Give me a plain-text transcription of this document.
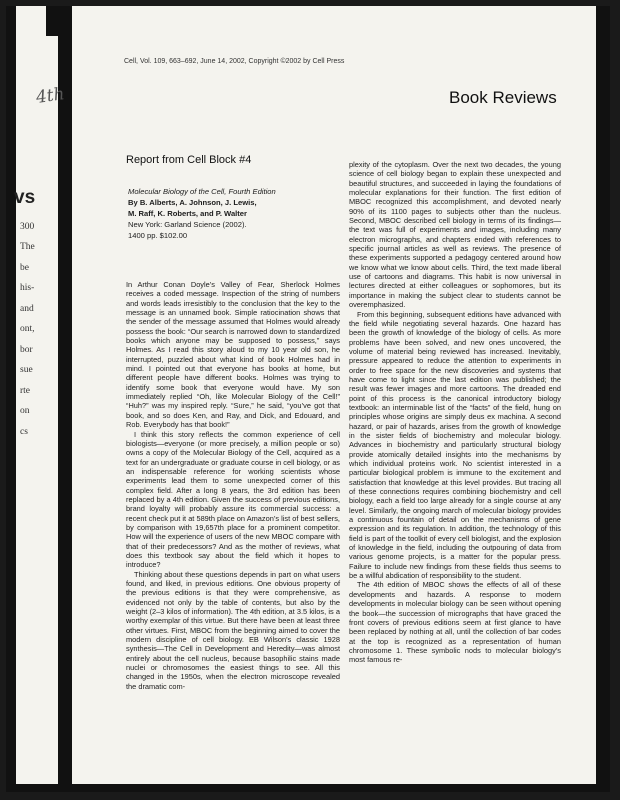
vs
300
The
be
his-
and
ont,
bor
sue
rte
on
cs
4th
Cell, Vol. 109, 663–692, June 14, 2002, Copyright ©2002 by Cell Press
Book Reviews
Report from Cell Block #4
Molecular Biology of the Cell, Fourth Edition
By B. Alberts, A. Johnson, J. Lewis,
M. Raff, K. Roberts, and P. Walter
New York: Garland Science (2002).
1400 pp. $102.00

In Arthur Conan Doyle’s Valley of Fear, Sherlock Holmes receives a coded message. Inspection of the string of numbers and words leads irresistibly to the conclusion that the key to the message is an unnamed book. Simple ratiocination shows that the sender of the message assumed that Holmes would already possess the book: “Our search is narrowed down to standardized books which anyone may be supposed to possess,” says Holmes. As I read this story aloud to my 10 year old son, he interrupted, puzzled about what kind of book Holmes had in mind. I pointed out that everyone has books at home, but different people have different books. Holmes was trying to identify some book that everyone would have. My son immediately replied “Oh, like Molecular Biology of the Cell!” “Huh?” was my inspired reply. “Sure,” he said, “you’ve got that book, and so does Ken, and Ray, and Dick, and Edouard, and Rob. Everybody has that book!”

I think this story reflects the common experience of cell biologists—everyone (or more precisely, a million people or so) owns a copy of the Molecular Biology of the Cell, acquired as a text for an undergraduate or graduate course in cell biology, or as an indispensable reference for working scientists whose experiments lead them to some unexpected corner of this complex field. After a long 8 years, the 3rd edition has been replaced by a 4th edition. Given the success of previous editions, brand loyalty will probably assure its commercial success: a recent check put it at 589th place on Amazon’s list of best sellers, by comparison with 19,657th place for a prominent competitor. How will the experience of users of the new MBOC compare with that of their predecessors? And as the mother of reviews, what does this textbook say about the field which it hopes to introduce?

Thinking about these questions depends in part on what users found, and liked, in previous editions. One obvious property of the previous editions is that they were comprehensive, as evidenced not only by the table of contents, but also by the weight (2–3 kilos of information). The 4th edition, at 3.5 kilos, is a worthy exemplar of this virtue. But there have been at least three other virtues. First, MBOC from the beginning aimed to cover the modern discipline of cell biology. EB Wilson’s classic 1928 synthesis—The Cell in Development and Heredity—was almost entirely about the cell nucleus, because basophilic stains made nuclei or chromosomes the easiest things to see. All this changed in the 1950s, when the electron microscope revealed the dramatic com-

plexity of the cytoplasm. Over the next two decades, the young science of cell biology began to explain these unexpected and beautiful structures, and succeeded in laying the foundations of molecular explanations for their function. The first edition of MBOC recognized this accomplishment, and devoted nearly 90% of its 1100 pages to subjects other than the nucleus. Second, MBOC described cell biology in terms of its findings—the text was full of experiments and images, including many electron micrographs, and chapters ended with references to specific journal articles as well as reviews. The presence of these experiments supported a pedagogy centered around how we know what we know about cells. Third, the text made liberal use of cartoons and diagrams. This habit is now universal in lectures directed at either colleagues or sophomores, but its importance in making the subject clear to students cannot be overemphasized.

From this beginning, subsequent editions have advanced with the field while negotiating several hazards. One hazard has been the growth of knowledge of the biology of cells. As more problems have been solved, and new ones uncovered, the volume of material being reviewed has increased. Inevitably, pressure appeared to reduce the attention to experiments in order to free space for the new discoveries and systems that have come to light since the last edition was published; the result was fewer images and more cartoons. The dreaded end point of this process is the canonical introductory biology textbook: an interminable list of the “facts” of the field, hung on principles whose origins are simply deus ex machina. A second hazard, or pair of hazards, arises from the growth of knowledge in the sister fields of biochemistry and molecular biology. Advances in biochemistry and particularly structural biology provide atomically detailed insights into the mechanisms by which individual proteins work. No scientist interested in a particular biological problem is immune to the excitement and satisfaction that knowledge at this level provides. But tracing all of these connections requires combining biochemistry and cell biology, each a field too large already for a single course at any level. Similarly, the ongoing march of molecular biology provides a continuous fountain of detail on the mechanisms of gene expression and its regulation. In addition, the technology of this field is part of the toolkit of every cell biologist, and the explosion of knowledge in the field, including the outpouring of data from various genome projects, is a matter for the popular press. Failure to include new findings from these fields thus seems to be a willful abdication of responsibility to the student.

The 4th edition of MBOC shows the effects of all of these developments and hazards. A response to modern developments in molecular biology can be seen without opening the book—the succession of micrographs that have graced the front covers of previous editions seem at first glance to have been replaced by nothing at all, until the collection of bar codes at the top is recognized as a representation of human chromosome 1. These symbolic nods to molecular biology’s most famous re-
